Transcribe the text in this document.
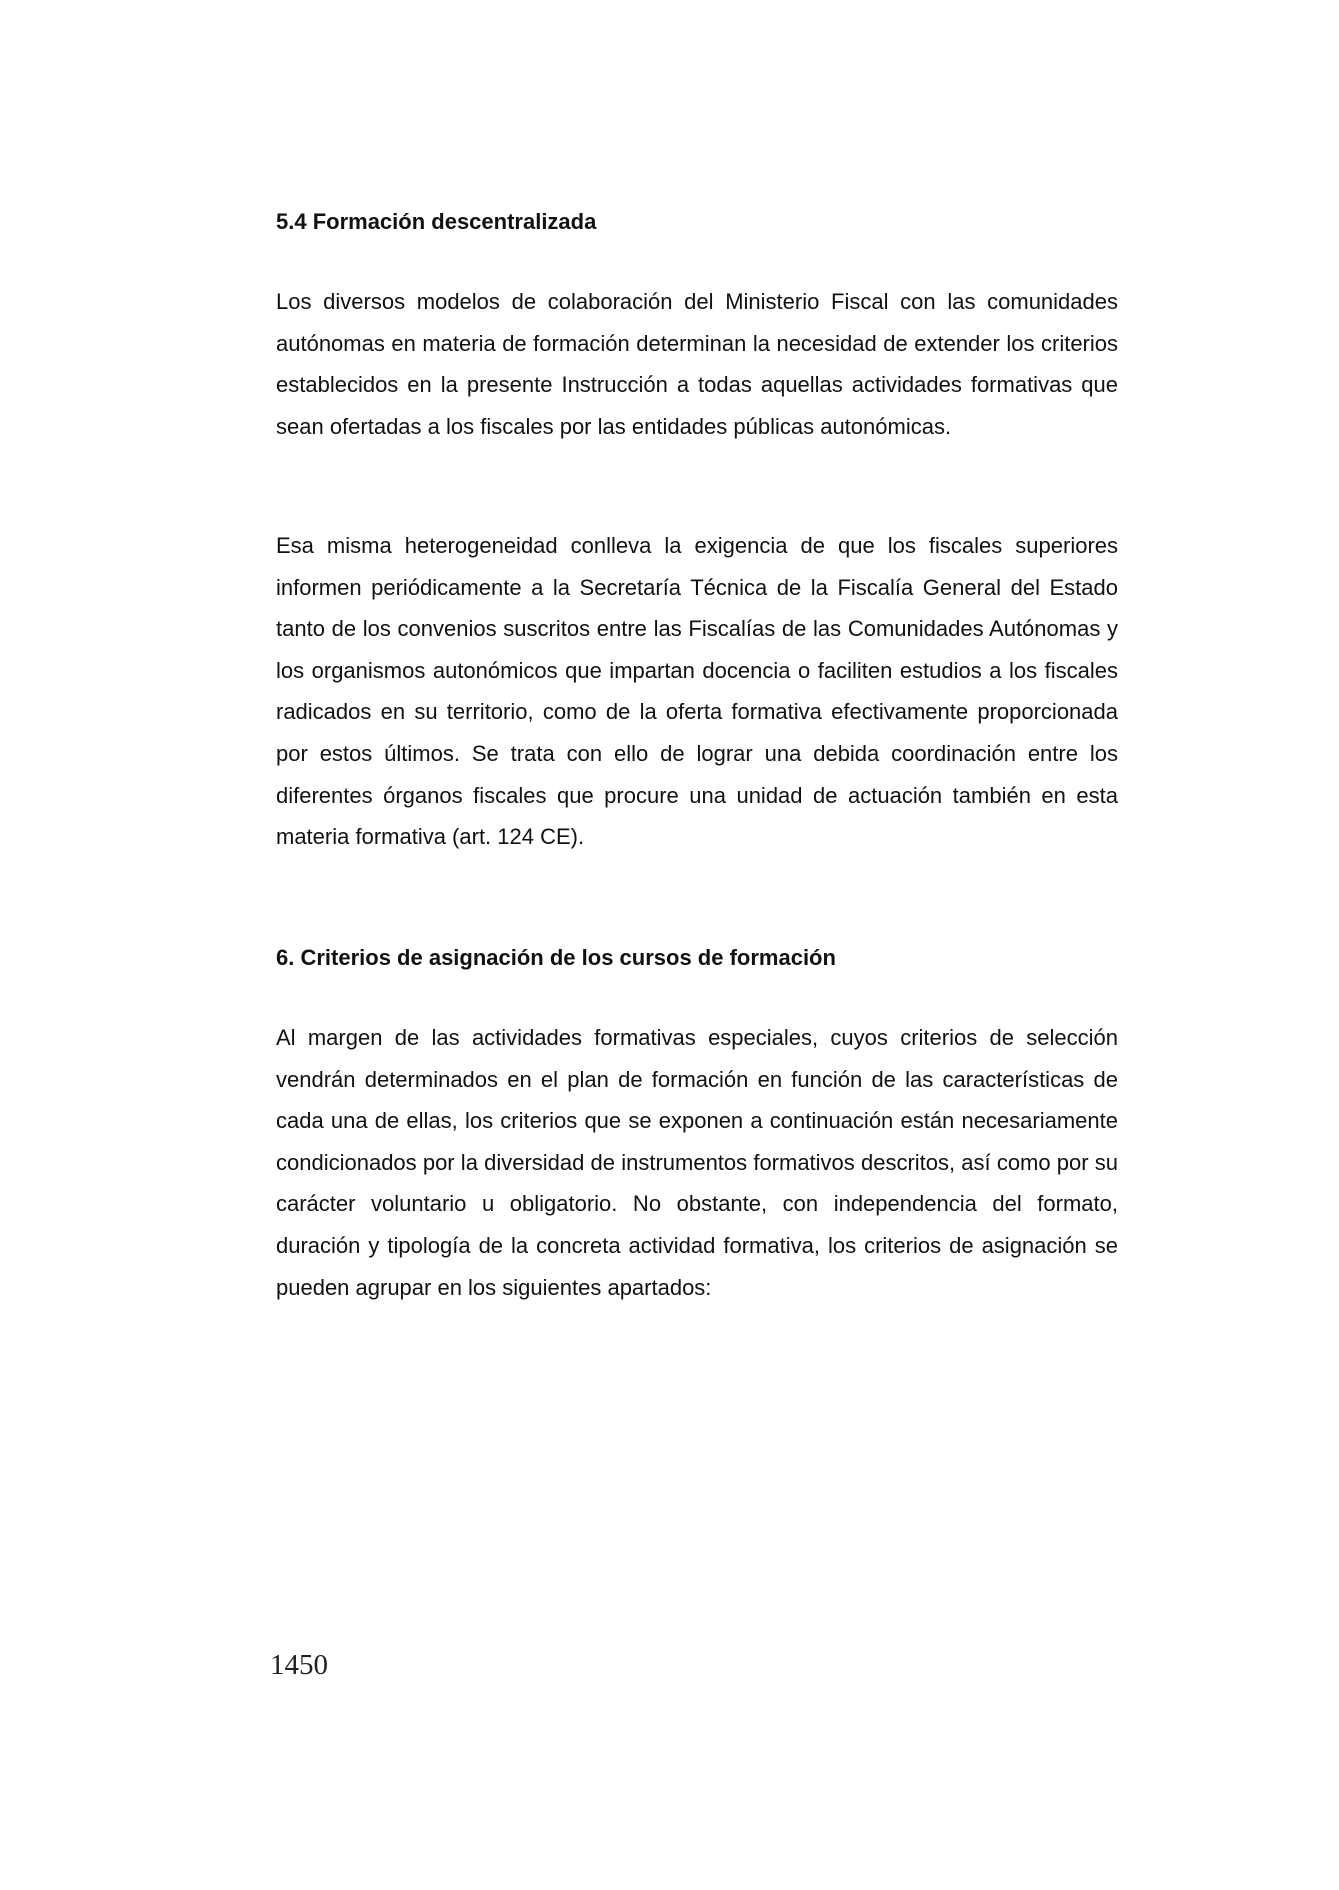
5.4 Formación descentralizada

Los diversos modelos de colaboración del Ministerio Fiscal con las comunidades autónomas en materia de formación determinan la necesidad de extender los criterios establecidos en la presente Instrucción a todas aquellas actividades formativas que sean ofertadas a los fiscales por las entidades públicas autonómicas.

Esa misma heterogeneidad conlleva la exigencia de que los fiscales superiores informen periódicamente a la Secretaría Técnica de la Fiscalía General del Estado tanto de los convenios suscritos entre las Fiscalías de las Comunidades Autónomas y los organismos autonómicos que impartan docencia o faciliten estudios a los fiscales radicados en su territorio, como de la oferta formativa efectivamente proporcionada por estos últimos. Se trata con ello de lograr una debida coordinación entre los diferentes órganos fiscales que procure una unidad de actuación también en esta materia formativa (art. 124 CE).

6. Criterios de asignación de los cursos de formación

Al margen de las actividades formativas especiales, cuyos criterios de selección vendrán determinados en el plan de formación en función de las características de cada una de ellas, los criterios que se exponen a continuación están necesariamente condicionados por la diversidad de instrumentos formativos descritos, así como por su carácter voluntario u obligatorio. No obstante, con independencia del formato, duración y tipología de la concreta actividad formativa, los criterios de asignación se pueden agrupar en los siguientes apartados:

1450
